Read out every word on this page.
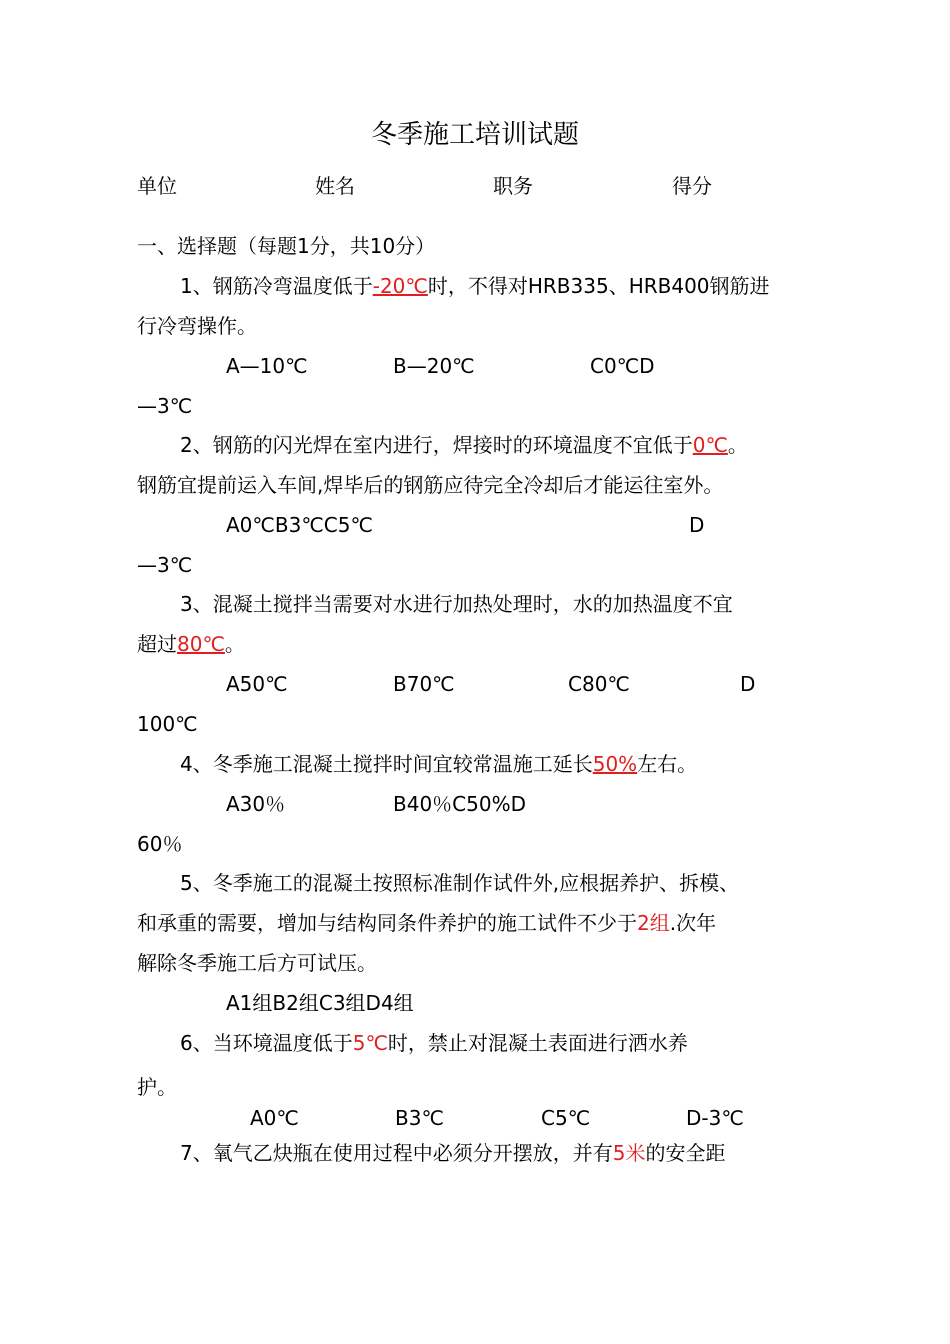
冬季施工培训试题
单位	姓名	职务	得分
一、选择题（每题1分，共10分）
1、钢筋冷弯温度低于-20℃时，不得对HRB335、HRB400钢筋进
行冷弯操作。
A—10℃	B—20℃	C0℃D
—3℃
2、钢筋的闪光焊在室内进行，焊接时的环境温度不宜低于0℃。
钢筋宜提前运入车间,焊毕后的钢筋应待完全冷却后才能运往室外。
A0℃B3℃C5℃	D
—3℃
3、混凝土搅拌当需要对水进行加热处理时，水的加热温度不宜
超过80℃。
A50℃	B70℃	C80℃	D
100℃
4、冬季施工混凝土搅拌时间宜较常温施工延长50%左右。
A30％	B40％C50%D
60％
5、冬季施工的混凝土按照标准制作试件外,应根据养护、拆模、
和承重的需要，增加与结构同条件养护的施工试件不少于2组.次年
解除冬季施工后方可试压。
A1组B2组C3组D4组
6、当环境温度低于5℃时，禁止对混凝土表面进行洒水养
护。
A0℃	B3℃	C5℃	D-3℃
7、氧气乙炔瓶在使用过程中必须分开摆放，并有5米的安全距
